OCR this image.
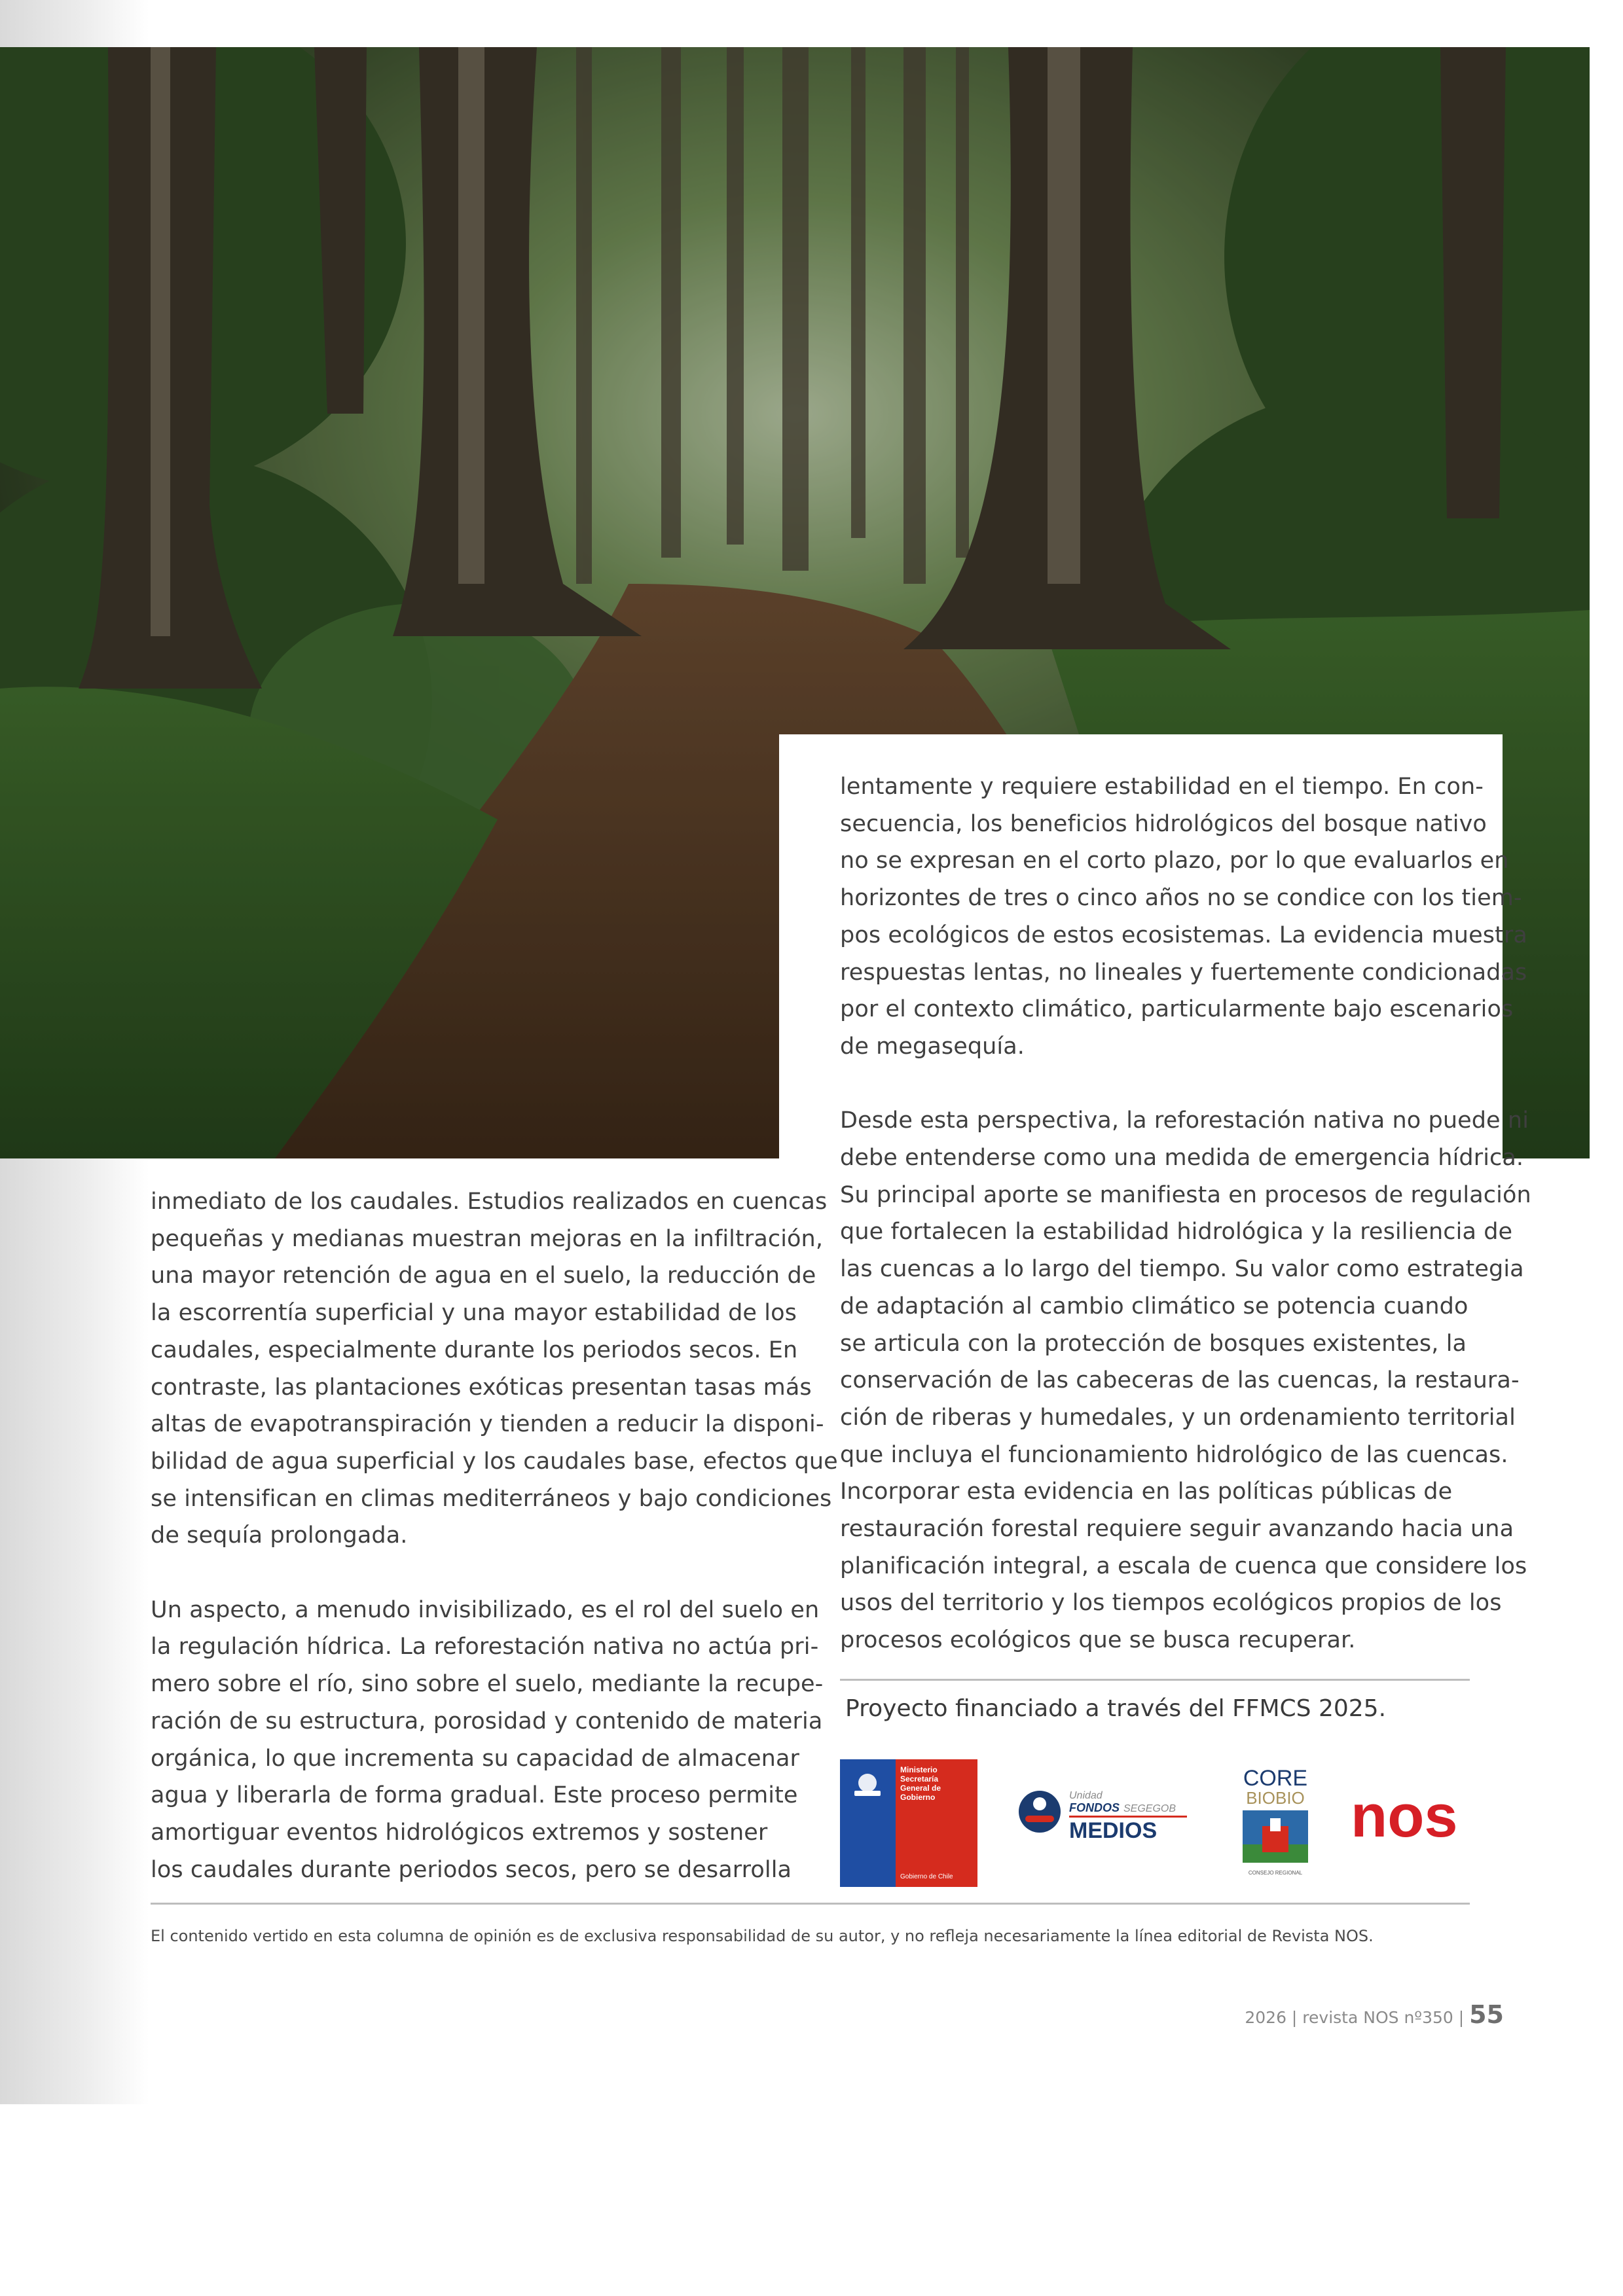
inmediato de los caudales. Estudios realizados en cuencas

pequeñas y medianas muestran mejoras en la infiltración,

una mayor retención de agua en el suelo, la reducción de

la escorrentía superficial y una mayor estabilidad de los

caudales, especialmente durante los periodos secos. En

contraste, las plantaciones exóticas presentan tasas más

altas de evapotranspiración y tienden a reducir la disponi-

bilidad de agua superficial y los caudales base, efectos que

se intensifican en climas mediterráneos y bajo condiciones

de sequía prolongada.

Un aspecto, a menudo invisibilizado, es el rol del suelo en

la regulación hídrica. La reforestación nativa no actúa pri-

mero sobre el río, sino sobre el suelo, mediante la recupe-

ración de su estructura, porosidad y contenido de materia

orgánica, lo que incrementa su capacidad de almacenar

agua y liberarla de forma gradual. Este proceso permite

amortiguar eventos hidrológicos extremos y sostener

los caudales durante periodos secos, pero se desarrolla

lentamente y requiere estabilidad en el tiempo. En con-

secuencia, los beneficios hidrológicos del bosque nativo

no se expresan en el corto plazo, por lo que evaluarlos en

horizontes de tres o cinco años no se condice con los tiem-

pos ecológicos de estos ecosistemas. La evidencia muestra

respuestas lentas, no lineales y fuertemente condicionadas

por el contexto climático, particularmente bajo escenarios

de megasequía.

Desde esta perspectiva, la reforestación nativa no puede ni

debe entenderse como una medida de emergencia hídrica.

Su principal aporte se manifiesta en procesos de regulación

que fortalecen la estabilidad hidrológica y la resiliencia de

las cuencas a lo largo del tiempo. Su valor como estrategia

de adaptación al cambio climático se potencia cuando

se articula con la protección de bosques existentes, la

conservación de las cabeceras de las cuencas, la restaura-

ción de riberas y humedales, y un ordenamiento territorial

que incluya el funcionamiento hidrológico de las cuencas.

Incorporar esta evidencia en las políticas públicas de

restauración forestal requiere seguir avanzando hacia una

planificación integral, a escala de cuenca que considere los

usos del territorio y los tiempos ecológicos propios de los

procesos ecológicos que se busca recuperar.

Proyecto financiado a través del FFMCS 2025.
Ministerio
Secretaría
General de
Gobierno
Gobierno de Chile
Unidad
FONDOS SEGEGOB
MEDIOS
CORE
BIOBIO
CONSEJO REGIONAL
nos
El contenido vertido en esta columna de opinión es de exclusiva responsabilidad de su autor, y no refleja necesariamente la línea editorial de Revista NOS.
2026 | revista NOS nº350 | 55
